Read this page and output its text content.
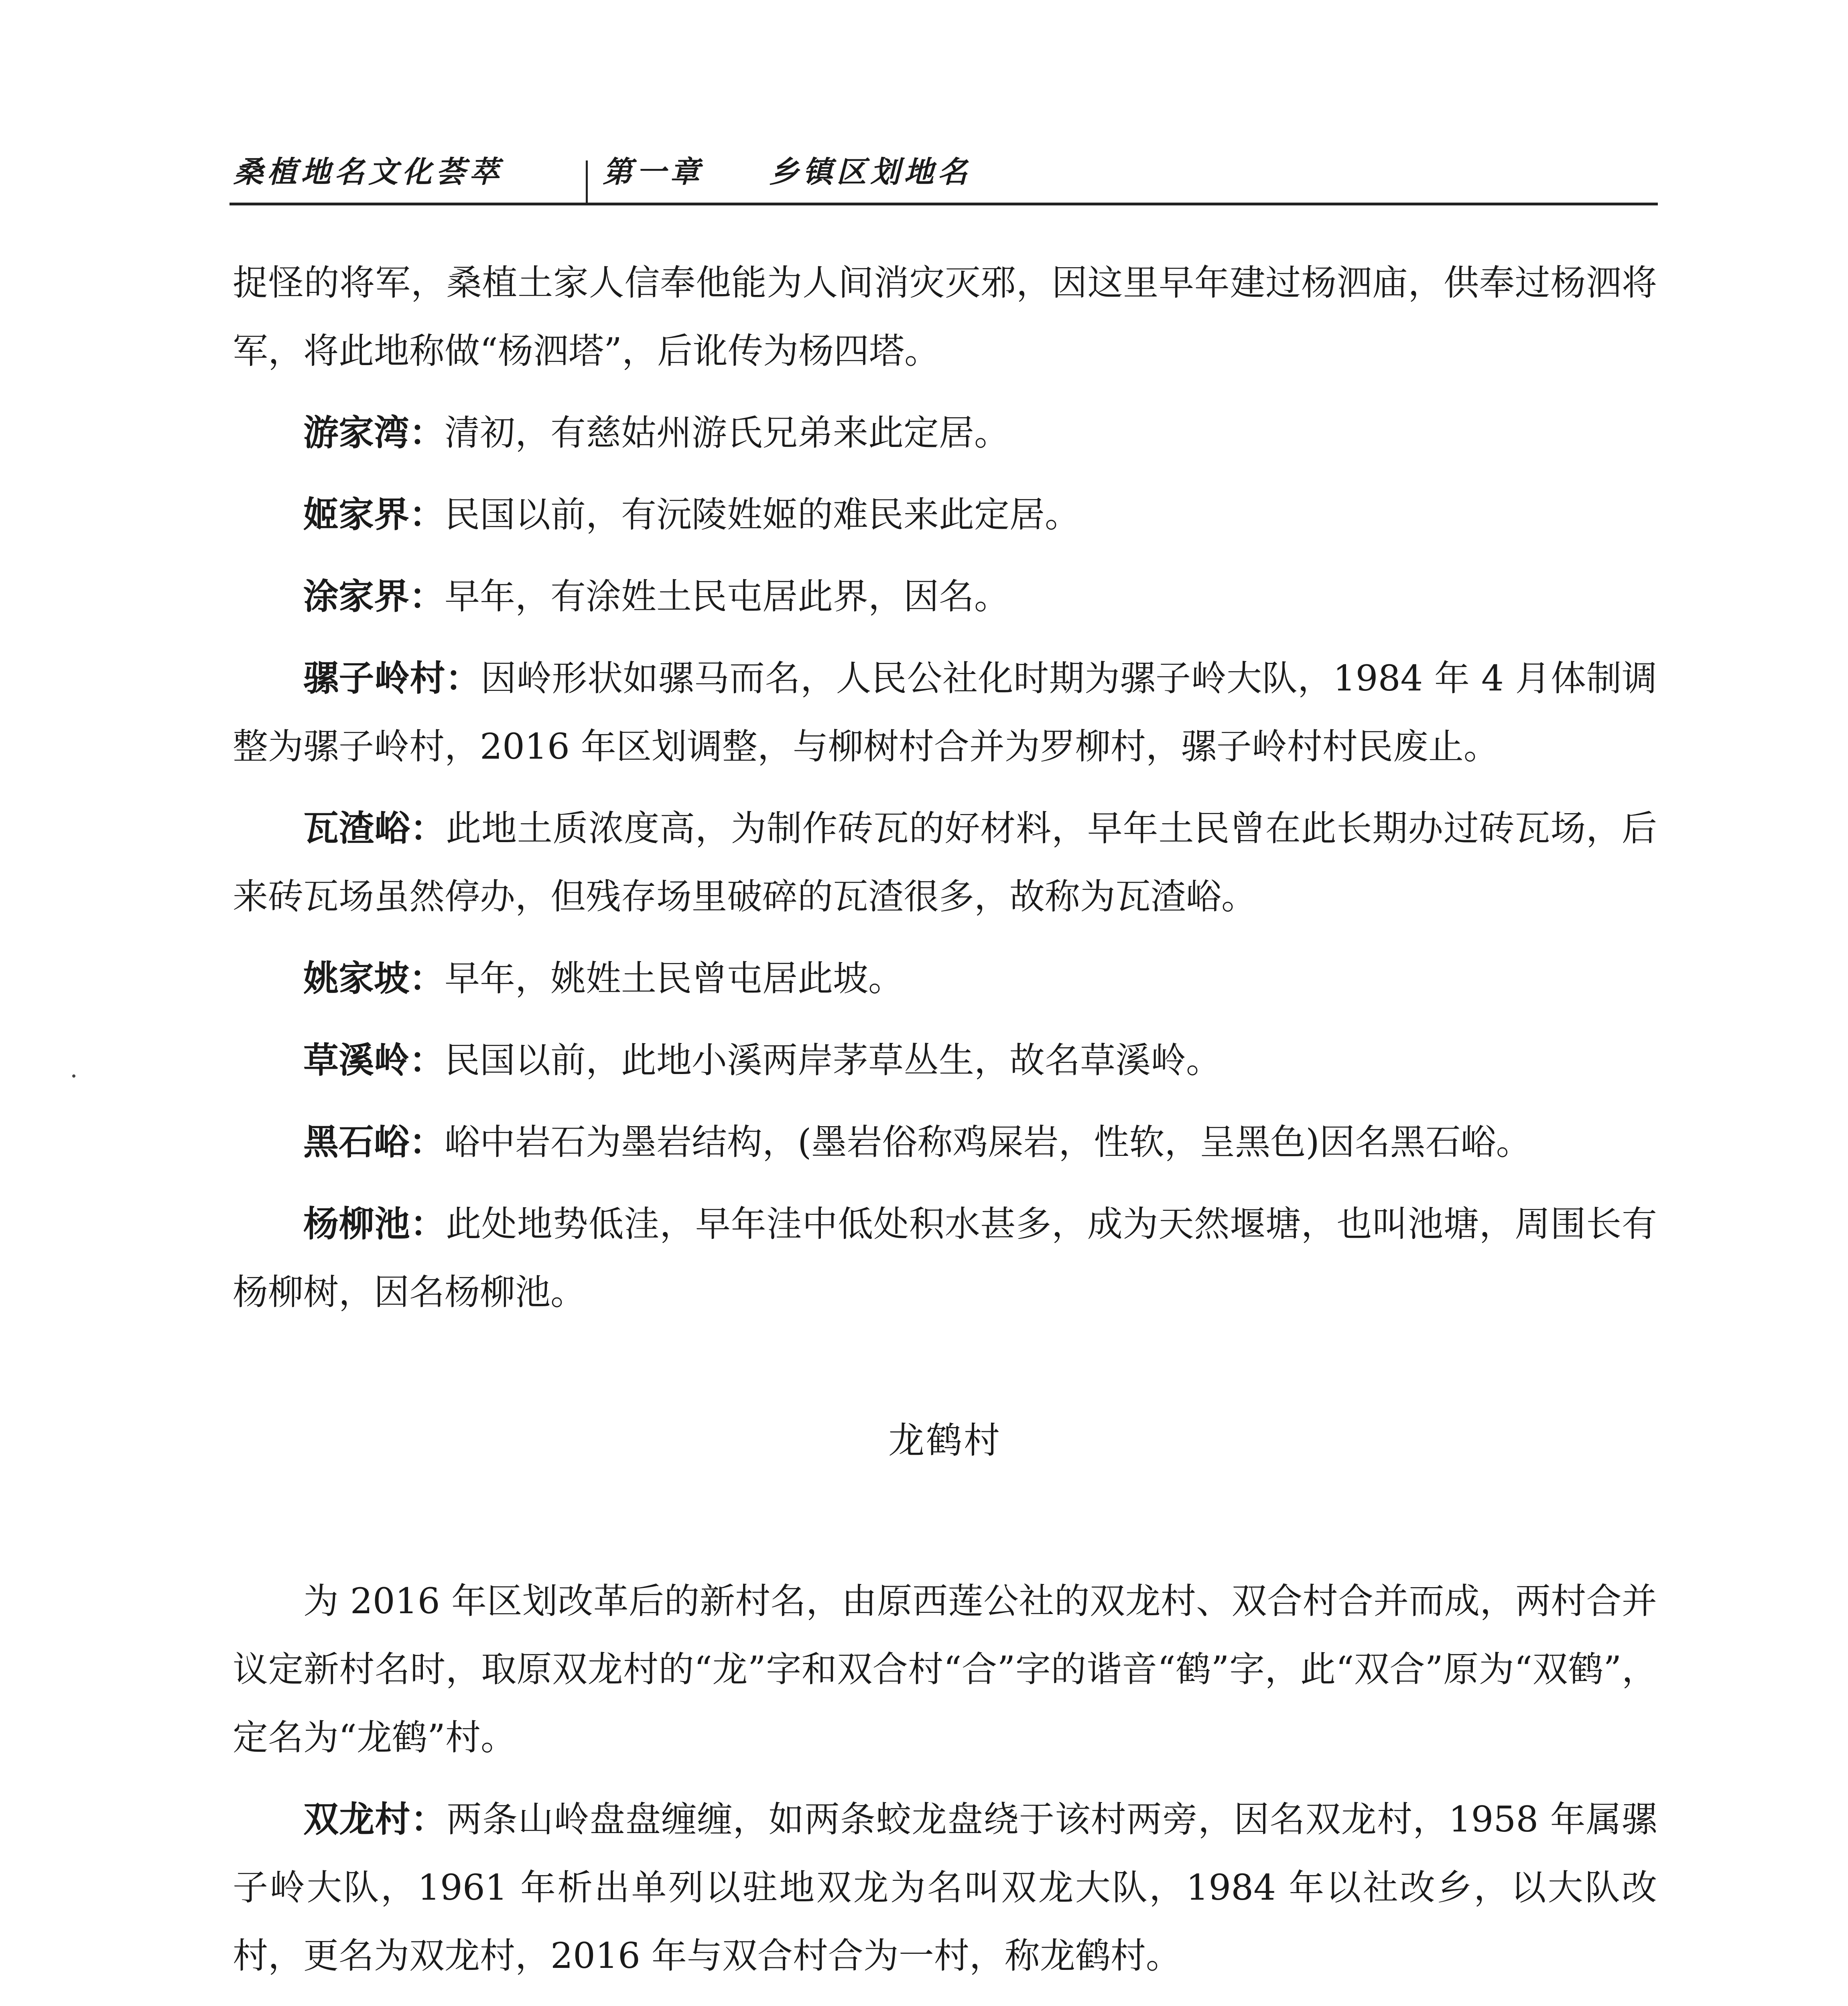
桑植地名文化荟萃	第一章 乡镇区划地名

捉怪的将军，桑植土家人信奉他能为人间消灾灭邪，因这里早年建过杨泗庙，供奉过杨泗将军，将此地称做“杨泗塔”，后讹传为杨四塔。

游家湾：清初，有慈姑州游氏兄弟来此定居。

姬家界：民国以前，有沅陵姓姬的难民来此定居。

涂家界：早年，有涂姓土民屯居此界，因名。

骡子岭村：因岭形状如骡马而名，人民公社化时期为骡子岭大队，1984 年 4 月体制调整为骡子岭村，2016 年区划调整，与柳树村合并为罗柳村，骡子岭村村民废止。

瓦渣峪：此地土质浓度高，为制作砖瓦的好材料，早年土民曾在此长期办过砖瓦场，后来砖瓦场虽然停办，但残存场里破碎的瓦渣很多，故称为瓦渣峪。

姚家坡：早年，姚姓土民曾屯居此坡。

草溪岭：民国以前，此地小溪两岸茅草丛生，故名草溪岭。

黑石峪：峪中岩石为墨岩结构，(墨岩俗称鸡屎岩，性软，呈黑色)因名黑石峪。

杨柳池：此处地势低洼，早年洼中低处积水甚多，成为天然堰塘，也叫池塘，周围长有杨柳树，因名杨柳池。

龙鹤村

为 2016 年区划改革后的新村名，由原西莲公社的双龙村、双合村合并而成，两村合并议定新村名时，取原双龙村的“龙”字和双合村“合”字的谐音“鹤”字，此“双合”原为“双鹤”，定名为“龙鹤”村。

双龙村：两条山岭盘盘缠缠，如两条蛟龙盘绕于该村两旁，因名双龙村，1958 年属骡子岭大队，1961 年析出单列以驻地双龙为名叫双龙大队，1984 年以社改乡，以大队改村，更名为双龙村，2016 年与双合村合为一村，称龙鹤村。
